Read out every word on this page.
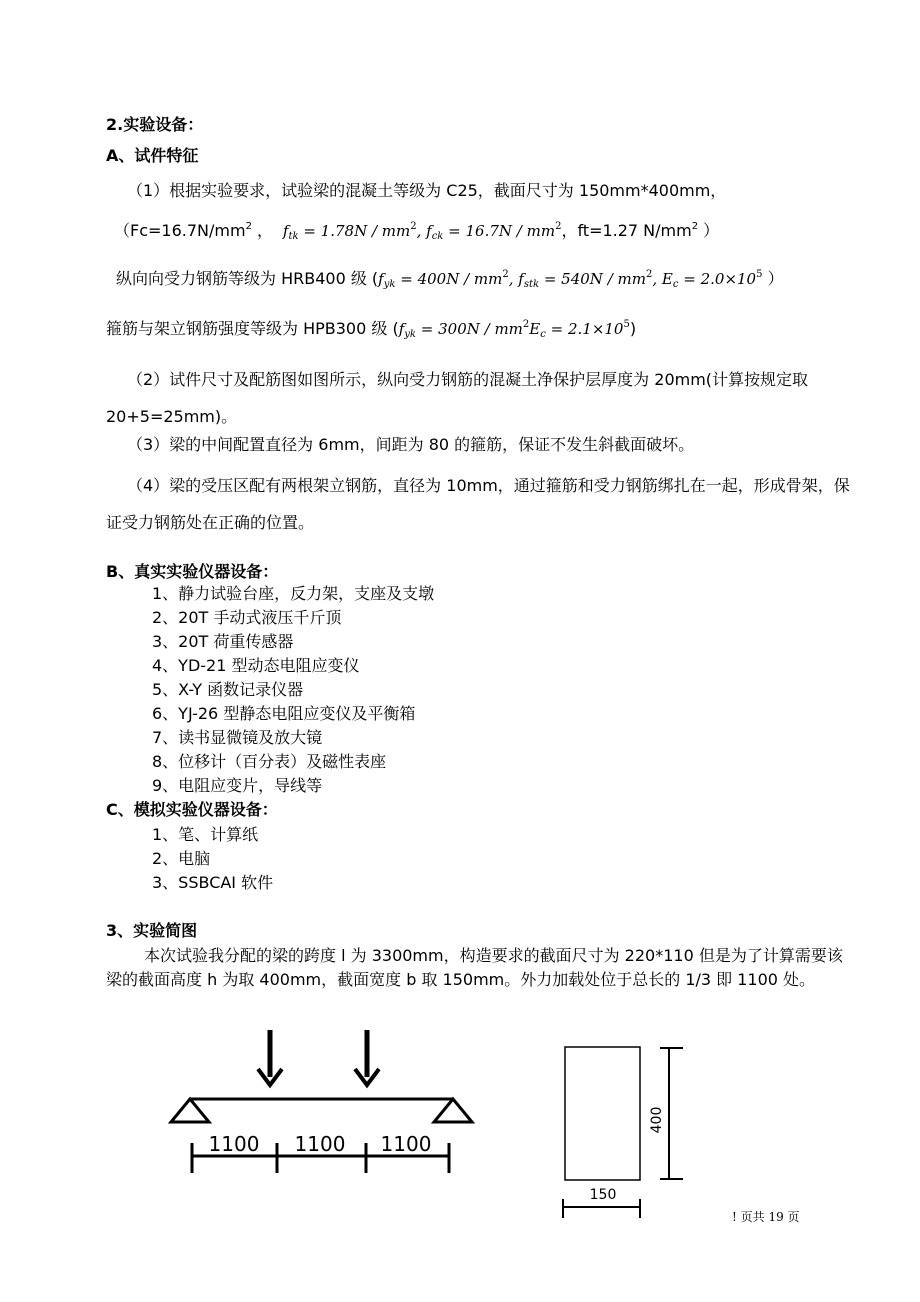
2.实验设备：
A、试件特征
（1）根据实验要求，试验梁的混凝土等级为 C25，截面尺寸为 150mm*400mm，
（$Fc=16.7N/mm^2$ ，  $f_{tk} = 1.78N / mm^2$, $f_{ck} = 16.7N / mm^2$，ft=1.27 $N/mm^2$ ）
纵向向受力钢筋等级为 HRB400 级 ($f_{yk} = 400N / mm^2$, $f_{stk} = 540N / mm^2$, $E_c = 2.0\times 10^5$ ）
箍筋与架立钢筋强度等级为 HPB300 级 $(f_{yk} = 300N / mm^2E_c = 2.1\times 10^5)$
（2）试件尺寸及配筋图如图所示，纵向受力钢筋的混凝土净保护层厚度为 20mm(计算按规定取 20+5=25mm)。
（3）梁的中间配置直径为 6mm，间距为 80 的箍筋，保证不发生斜截面破坏。
（4）梁的受压区配有两根架立钢筋，直径为 10mm，通过箍筋和受力钢筋绑扎在一起，形成骨架，保证受力钢筋处在正确的位置。
B、真实实验仪器设备：
1、静力试验台座，反力架，支座及支墩
2、20T 手动式液压千斤顶
3、20T 荷重传感器
4、YD-21 型动态电阻应变仪
5、X-Y 函数记录仪器
6、YJ-26 型静态电阻应变仪及平衡箱
7、读书显微镜及放大镜
8、位移计（百分表）及磁性表座
9、电阻应变片，导线等
C、模拟实验仪器设备：
1、笔、计算纸
2、电脑
3、SSBCAI 软件
3、实验简图
本次试验我分配的梁的跨度 l 为 3300mm，构造要求的截面尺寸为 220*110 但是为了计算需要该梁的截面高度 h 为取 400mm，截面宽度 b 取 150mm。外力加载处位于总长的 1/3 即 1100 处。
1100 1100 1100
400
150
! 页共 19 页
